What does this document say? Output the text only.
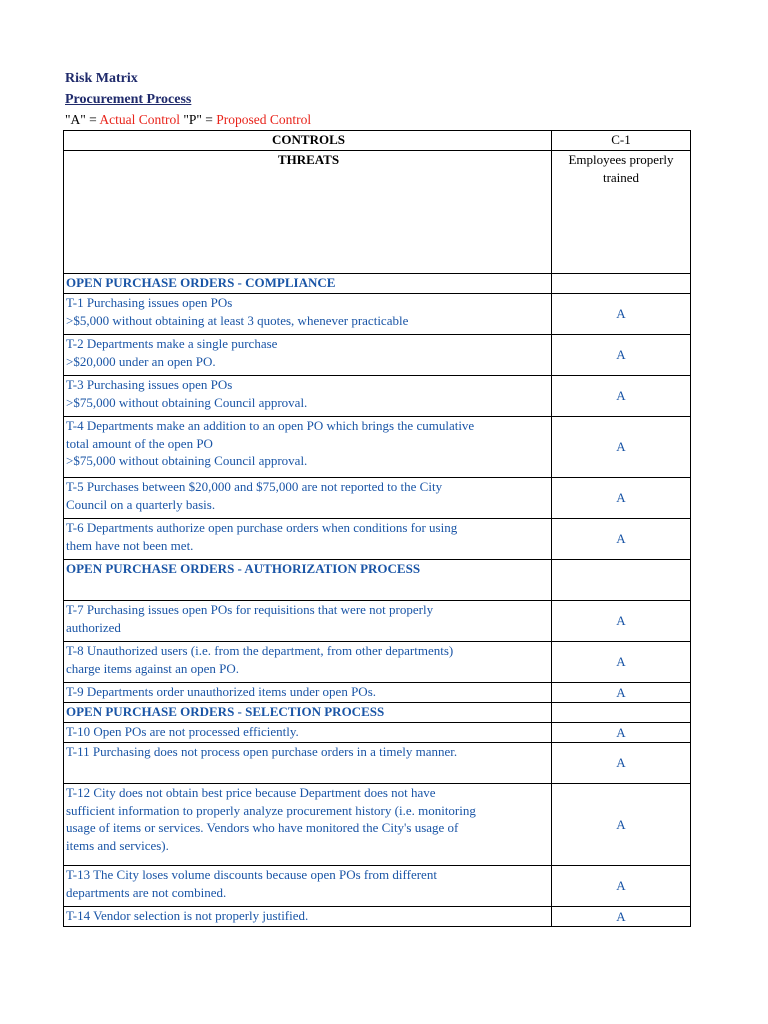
Risk Matrix
Procurement Process
"A" = Actual Control "P" = Proposed Control
CONTROLS	C-1
THREATS	Employees properly trained
OPEN PURCHASE ORDERS - COMPLIANCE	

T-1 Purchasing issues open POs
>$5,000 without obtaining at least 3 quotes, whenever practicable	A

T-2 Departments make a single purchase
>$20,000 under an open PO.	A

T-3 Purchasing issues open POs
>$75,000 without obtaining Council approval.	A

T-4 Departments make an addition to an open PO which brings the cumulative
total amount of the open PO
>$75,000 without obtaining Council approval.	A

T-5 Purchases between $20,000 and $75,000 are not reported to the City
Council on a quarterly basis.	A

T-6 Departments authorize open purchase orders when conditions for using
them have not been met.	A
OPEN PURCHASE ORDERS - AUTHORIZATION PROCESS	

T-7 Purchasing issues open POs for requisitions that were not properly
authorized	A

T-8 Unauthorized users (i.e. from the department, from other departments)
charge items against an open PO.	A

T-9 Departments order unauthorized items under open POs.	A
OPEN PURCHASE ORDERS - SELECTION PROCESS	

T-10 Open POs are not processed efficiently.	A

T-11 Purchasing does not process open purchase orders in a timely manner.	A

T-12 City does not obtain best price because Department does not have
sufficient information to properly analyze procurement history (i.e. monitoring
usage of items or services. Vendors who have monitored the City's usage of
items and services).	A

T-13 The City loses volume discounts because open POs from different
departments are not combined.	A

T-14 Vendor selection is not properly justified.	A
